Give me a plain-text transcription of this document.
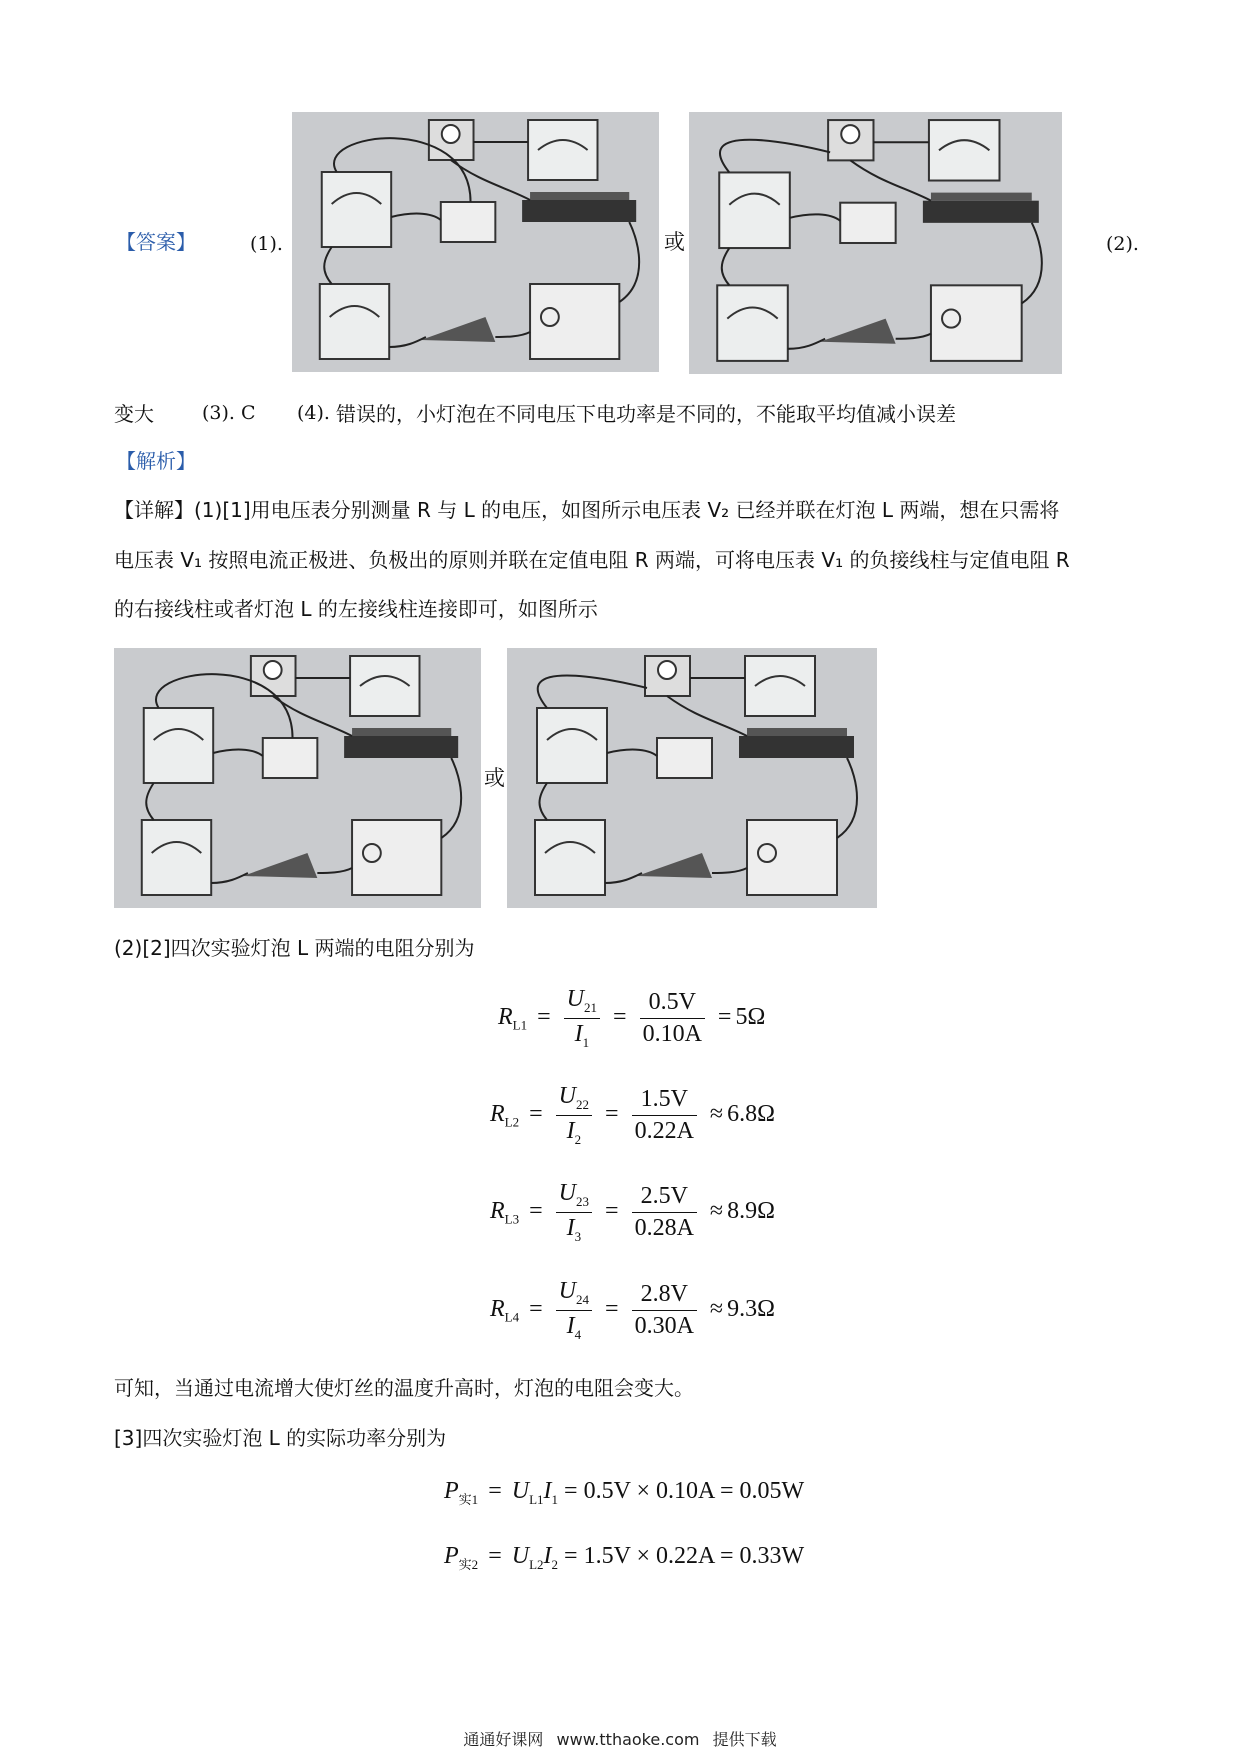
【答案】	(1).	或	(2).
变大	(3). C (4). 错误的，小灯泡在不同电压下电功率是不同的，不能取平均值减小误差
【解析】
【详解】(1)[1]用电压表分别测量 R 与 L 的电压，如图所示电压表 V₂ 已经并联在灯泡 L 两端，想在只需将
电压表 V₁ 按照电流正极进、负极出的原则并联在定值电阻 R 两端，可将电压表 V₁ 的负接线柱与定值电阻 R
的右接线柱或者灯泡 L 的左接线柱连接即可，如图所示
或
(2)[2]四次实验灯泡 L 两端的电阻分别为
$R_{L1} = \frac{U_{21}}{I_1} = \frac{0.5V}{0.10A} = 5\Omega$
$R_{L2} = \frac{U_{22}}{I_2} = \frac{1.5V}{0.22A} \approx 6.8\Omega$
$R_{L3} = \frac{U_{23}}{I_3} = \frac{2.5V}{0.28A} \approx 8.9\Omega$
$R_{L4} = \frac{U_{24}}{I_4} = \frac{2.8V}{0.30A} \approx 9.3\Omega$
可知，当通过电流增大使灯丝的温度升高时，灯泡的电阻会变大。
[3]四次实验灯泡 L 的实际功率分别为
$P_{实1} = U_{L1}I_1 = 0.5V \times 0.10A = 0.05W$
$P_{实2} = U_{L2}I_2 = 1.5V \times 0.22A = 0.33W$
通通好课网 www.tthaoke.com 提供下载
